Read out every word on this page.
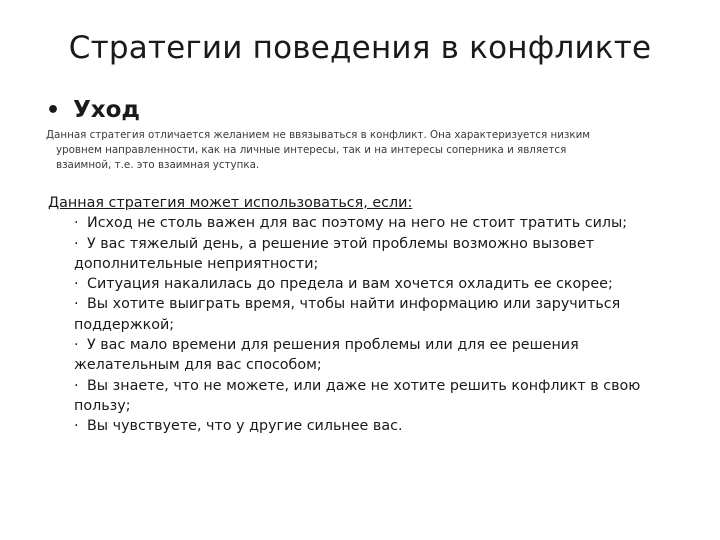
Стратегии поведения в конфликте
• Уход
Данная стратегия отличается желанием не ввязываться в конфликт. Она характеризуется низким
уровнем направленности, как на личные интересы, так и на интересы соперника и является
взаимной, т.е. это взаимная уступка.

Данная стратегия может использоваться, если:

· Исход не столь важен для вас поэтому на него не стоит тратить силы;
· У вас тяжелый день, а решение этой проблемы возможно вызовет
дополнительные неприятности;
· Ситуация накалилась до предела и вам хочется охладить ее скорее;
· Вы хотите выиграть время, чтобы найти информацию или заручиться
поддержкой;
· У вас мало времени для решения проблемы или для ее решения
желательным для вас способом;
· Вы знаете, что не можете, или даже не хотите решить конфликт в свою
пользу;
· Вы чувствуете, что у другие сильнее вас.
